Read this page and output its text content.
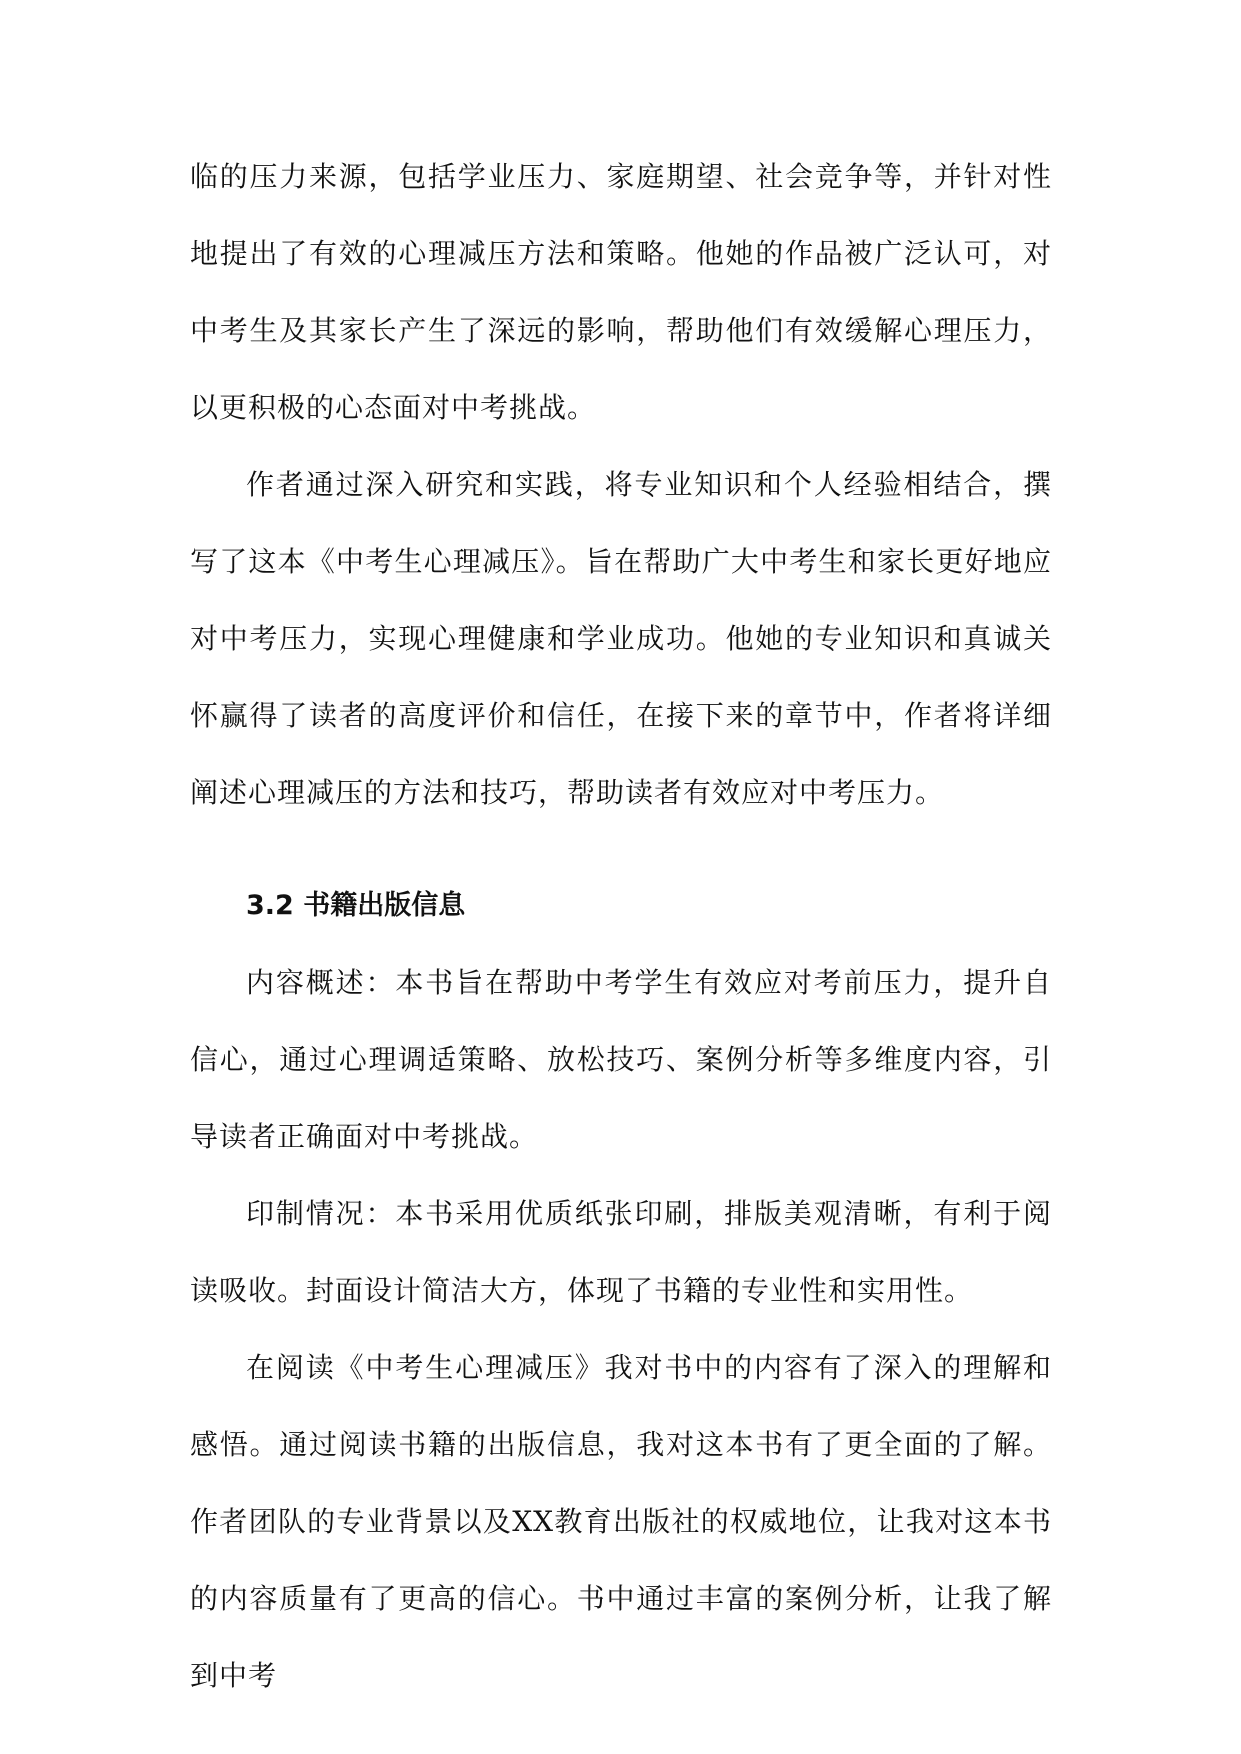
临的压力来源，包括学业压力、家庭期望、社会竞争等，并针对性地提出了有效的心理减压方法和策略。他她的作品被广泛认可，对中考生及其家长产生了深远的影响，帮助他们有效缓解心理压力，以更积极的心态面对中考挑战。

作者通过深入研究和实践，将专业知识和个人经验相结合，撰写了这本《中考生心理减压》。旨在帮助广大中考生和家长更好地应对中考压力，实现心理健康和学业成功。他她的专业知识和真诚关怀赢得了读者的高度评价和信任，在接下来的章节中，作者将详细阐述心理减压的方法和技巧，帮助读者有效应对中考压力。

3.2 书籍出版信息

内容概述：本书旨在帮助中考学生有效应对考前压力，提升自信心，通过心理调适策略、放松技巧、案例分析等多维度内容，引导读者正确面对中考挑战。

印制情况：本书采用优质纸张印刷，排版美观清晰，有利于阅读吸收。封面设计简洁大方，体现了书籍的专业性和实用性。

在阅读《中考生心理减压》我对书中的内容有了深入的理解和感悟。通过阅读书籍的出版信息，我对这本书有了更全面的了解。作者团队的专业背景以及XX教育出版社的权威地位，让我对这本书的内容质量有了更高的信心。书中通过丰富的案例分析，让我了解到中考
